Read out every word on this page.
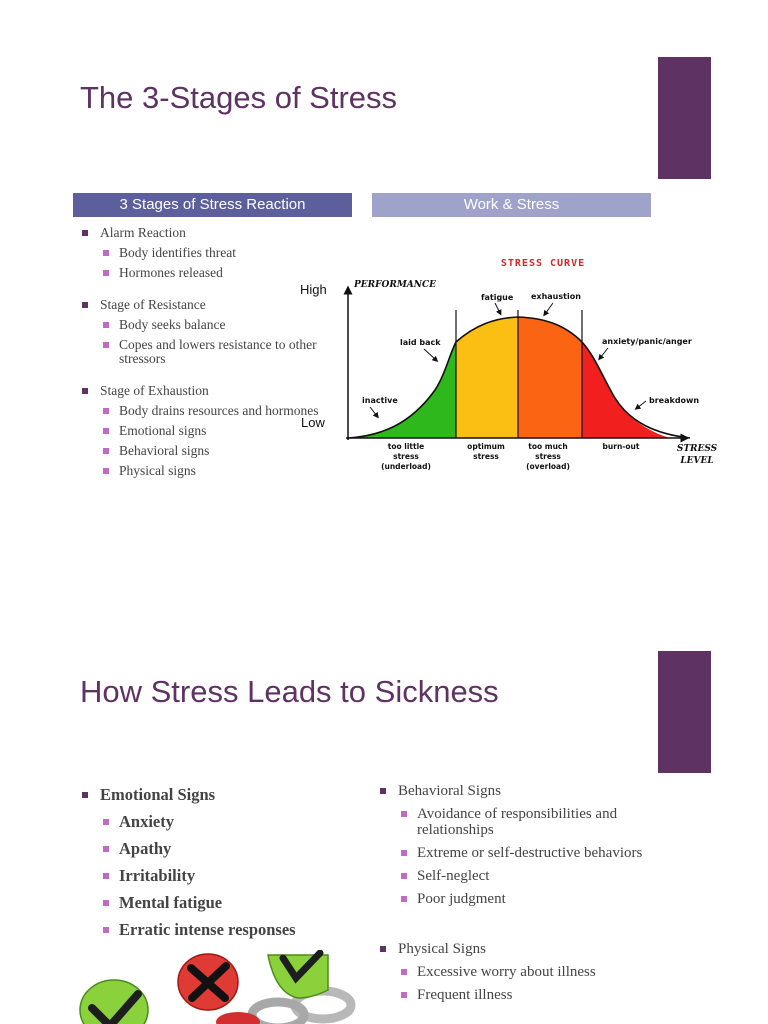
The 3-Stages of Stress
3 Stages of Stress Reaction	Work & Stress
Alarm Reaction
Body identifies threat
Hormones released
Stage of Resistance
Body seeks balance
Copes and lowers resistance to other stressors
Stage of Exhaustion
Body drains resources and hormones
Emotional signs
Behavioral signs
Physical signs
High
Low
STRESS CURVE
PERFORMANCE
STRESS LEVEL
inactive
laid back
fatigue exhaustion
anxiety/panic/anger
breakdown
too little stress (underload)
optimum stress
too much stress (overload)
burn-out
How Stress Leads to Sickness
Emotional Signs
Anxiety
Apathy
Irritability
Mental fatigue
Erratic intense responses
Behavioral Signs
Avoidance of responsibilities and relationships
Extreme or self-destructive behaviors
Self-neglect
Poor judgment
Physical Signs
Excessive worry about illness
Frequent illness
